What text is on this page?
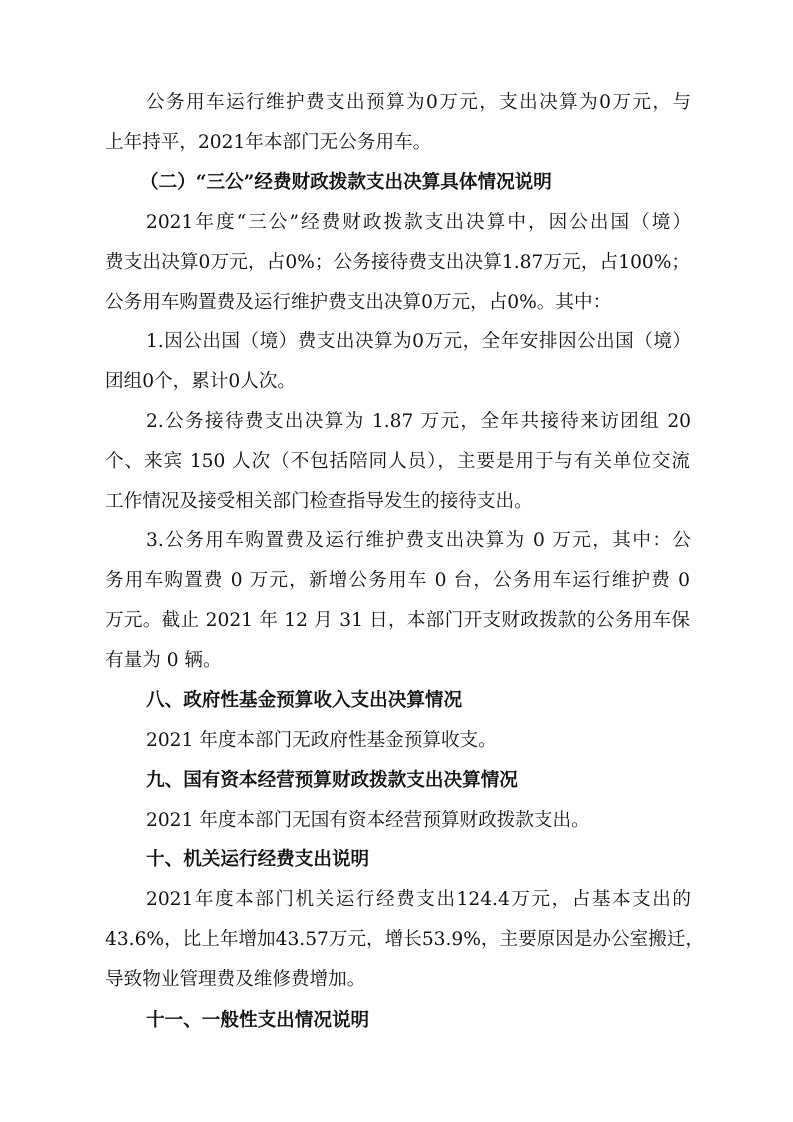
公务用车运行维护费支出预算为0万元，支出决算为0万元，与
上年持平，2021年本部门无公务用车。
（二）“三公”经费财政拨款支出决算具体情况说明
2021年度“三公”经费财政拨款支出决算中，因公出国（境）
费支出决算0万元，占0%；公务接待费支出决算1.87万元，占100%；
公务用车购置费及运行维护费支出决算0万元，占0%。其中：
1.因公出国（境）费支出决算为0万元，全年安排因公出国（境）
团组0个，累计0人次。
2.公务接待费支出决算为 1.87 万元，全年共接待来访团组 20
个、来宾 150 人次（不包括陪同人员），主要是用于与有关单位交流
工作情况及接受相关部门检查指导发生的接待支出。
3.公务用车购置费及运行维护费支出决算为 0 万元，其中：公
务用车购置费 0 万元，新增公务用车 0 台，公务用车运行维护费 0
万元。截止 2021 年 12 月 31 日，本部门开支财政拨款的公务用车保
有量为 0 辆。
八、政府性基金预算收入支出决算情况
2021 年度本部门无政府性基金预算收支。
九、国有资本经营预算财政拨款支出决算情况
2021 年度本部门无国有资本经营预算财政拨款支出。
十、机关运行经费支出说明
2021年度本部门机关运行经费支出124.4万元，占基本支出的
43.6%，比上年增加43.57万元，增长53.9%，主要原因是办公室搬迁，
导致物业管理费及维修费增加。
十一、一般性支出情况说明
